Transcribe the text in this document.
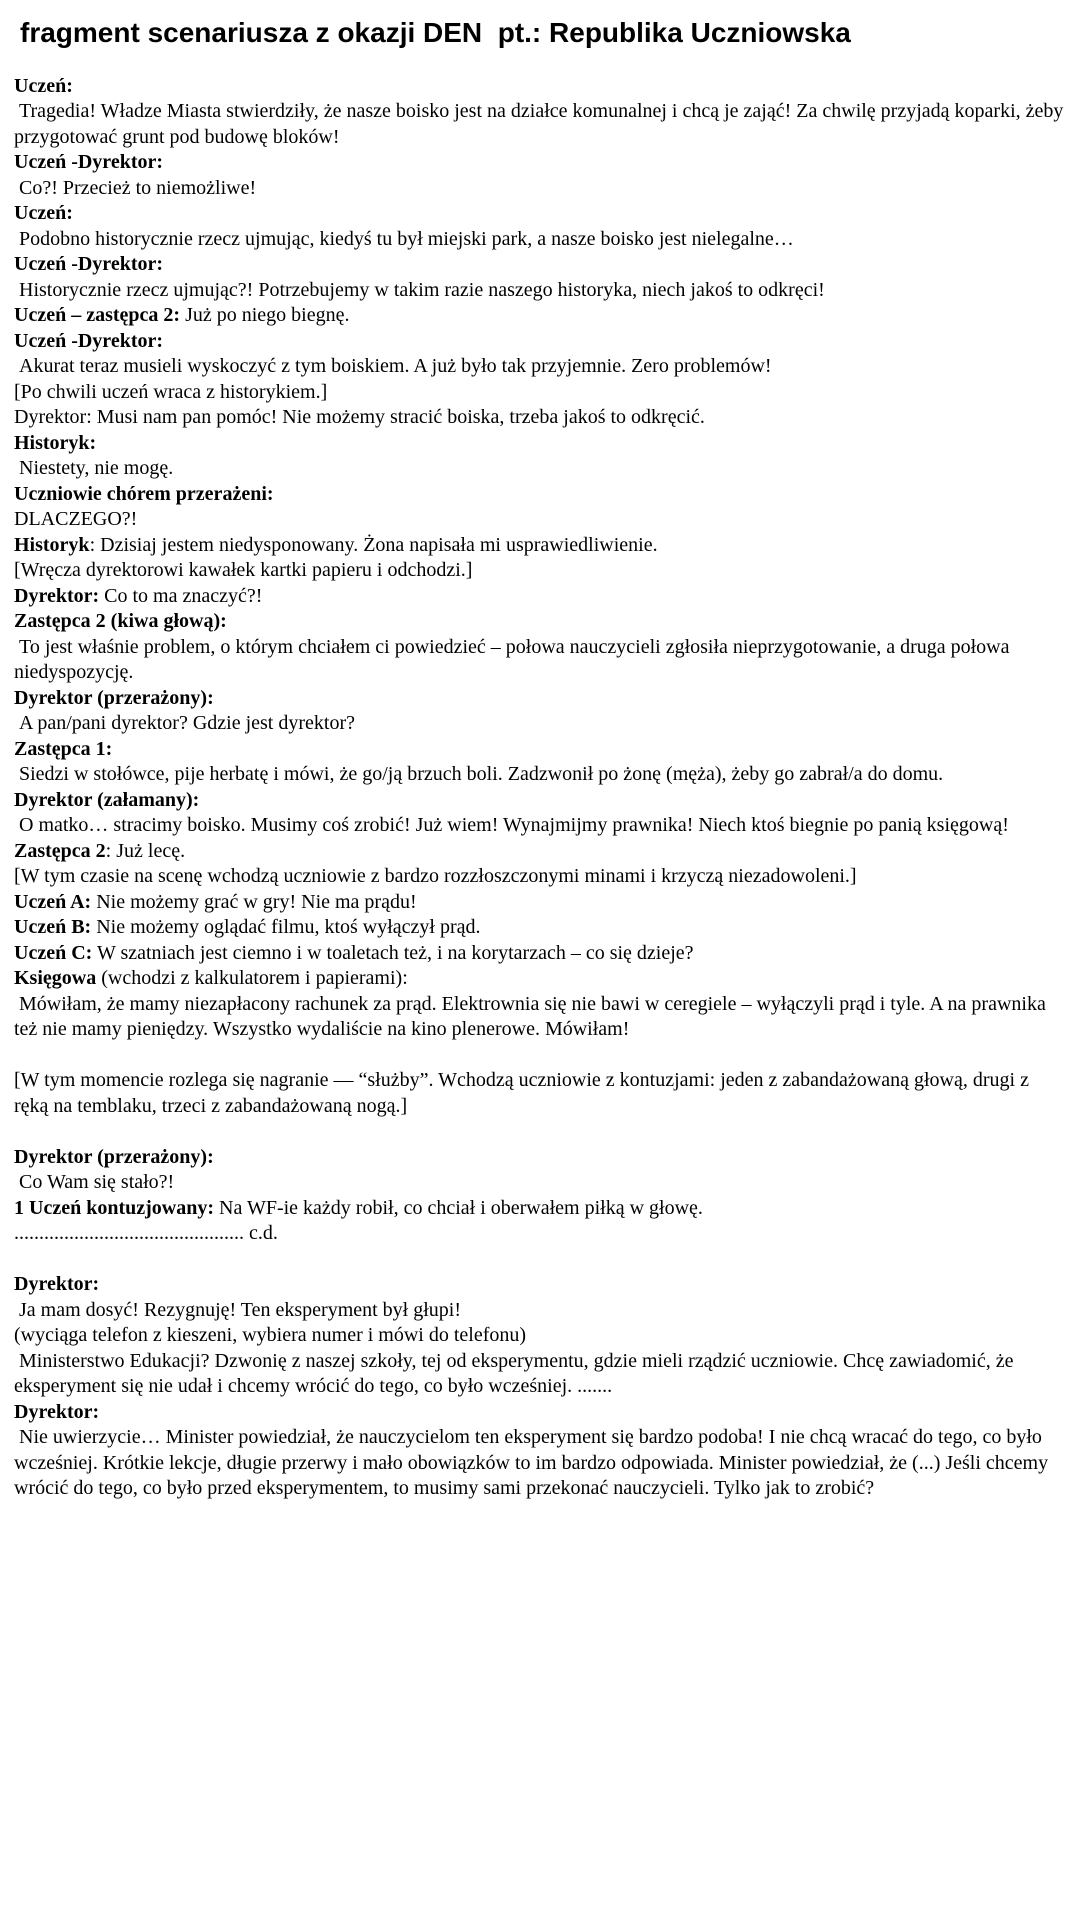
fragment scenariusza z okazji DEN  pt.: Republika Uczniowska

Uczeń:

Tragedia! Władze Miasta stwierdziły, że nasze boisko jest na działce komunalnej i chcą je zająć! Za chwilę przyjadą koparki, żeby przygotować grunt pod budowę bloków!

Uczeń -Dyrektor:

Co?! Przecież to niemożliwe!

Uczeń:

Podobno historycznie rzecz ujmując, kiedyś tu był miejski park, a nasze boisko jest nielegalne…

Uczeń -Dyrektor:

Historycznie rzecz ujmując?! Potrzebujemy w takim razie naszego historyka, niech jakoś to odkręci!

Uczeń – zastępca 2: Już po niego biegnę.

Uczeń -Dyrektor:

Akurat teraz musieli wyskoczyć z tym boiskiem. A już było tak przyjemnie. Zero problemów!

[Po chwili uczeń wraca z historykiem.]

Dyrektor: Musi nam pan pomóc! Nie możemy stracić boiska, trzeba jakoś to odkręcić.

Historyk:

Niestety, nie mogę.

Uczniowie chórem przerażeni:

DLACZEGO?!

Historyk: Dzisiaj jestem niedysponowany. Żona napisała mi usprawiedliwienie.

[Wręcza dyrektorowi kawałek kartki papieru i odchodzi.]

Dyrektor: Co to ma znaczyć?!

Zastępca 2 (kiwa głową):

To jest właśnie problem, o którym chciałem ci powiedzieć – połowa nauczycieli zgłosiła nieprzygotowanie, a druga połowa niedyspozycję.

Dyrektor (przerażony):

A pan/pani dyrektor? Gdzie jest dyrektor?

Zastępca 1:

Siedzi w stołówce, pije herbatę i mówi, że go/ją brzuch boli. Zadzwonił po żonę (męża), żeby go zabrał/a do domu.

Dyrektor (załamany):

O matko… stracimy boisko. Musimy coś zrobić! Już wiem! Wynajmijmy prawnika! Niech ktoś biegnie po panią księgową!

Zastępca 2: Już lecę.

[W tym czasie na scenę wchodzą uczniowie z bardzo rozzłoszczonymi minami i krzyczą niezadowoleni.]

Uczeń A: Nie możemy grać w gry! Nie ma prądu!

Uczeń B: Nie możemy oglądać filmu, ktoś wyłączył prąd.

Uczeń C: W szatniach jest ciemno i w toaletach też, i na korytarzach – co się dzieje?

Księgowa (wchodzi z kalkulatorem i papierami):

Mówiłam, że mamy niezapłacony rachunek za prąd. Elektrownia się nie bawi w ceregiele – wyłączyli prąd i tyle. A na prawnika też nie mamy pieniędzy. Wszystko wydaliście na kino plenerowe. Mówiłam!

[W tym momencie rozlega się nagranie — “służby”. Wchodzą uczniowie z kontuzjami: jeden z zabandażowaną głową, drugi z ręką na temblaku, trzeci z zabandażowaną nogą.]

Dyrektor (przerażony):

Co Wam się stało?!

1 Uczeń kontuzjowany: Na WF-ie każdy robił, co chciał i oberwałem piłką w głowę.

.............................................. c.d.

Dyrektor:

Ja mam dosyć! Rezygnuję! Ten eksperyment był głupi!

(wyciąga telefon z kieszeni, wybiera numer i mówi do telefonu)

Ministerstwo Edukacji? Dzwonię z naszej szkoły, tej od eksperymentu, gdzie mieli rządzić uczniowie. Chcę zawiadomić, że eksperyment się nie udał i chcemy wrócić do tego, co było wcześniej. .......

Dyrektor:

Nie uwierzycie… Minister powiedział, że nauczycielom ten eksperyment się bardzo podoba! I nie chcą wracać do tego, co było wcześniej. Krótkie lekcje, długie przerwy i mało obowiązków to im bardzo odpowiada. Minister powiedział, że (...) Jeśli chcemy wrócić do tego, co było przed eksperymentem, to musimy sami przekonać nauczycieli. Tylko jak to zrobić?
